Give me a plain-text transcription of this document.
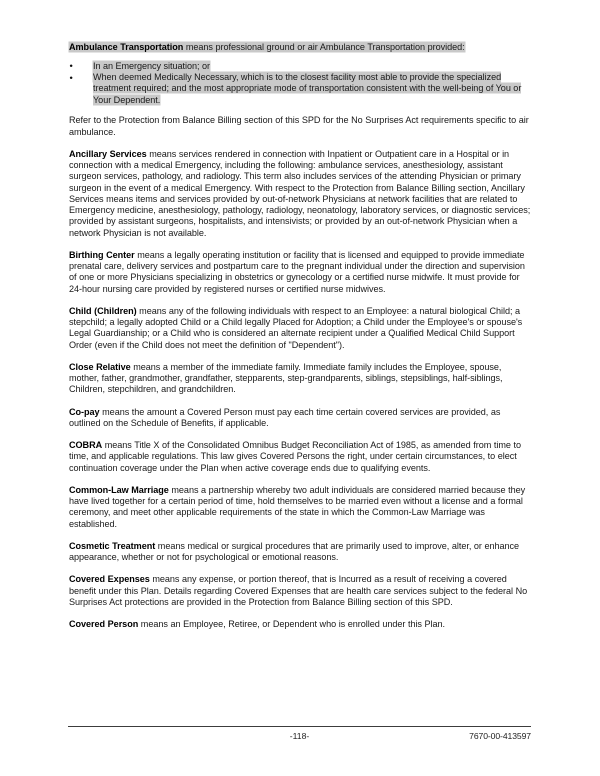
Ambulance Transportation means professional ground or air Ambulance Transportation provided:

• In an Emergency situation; or
• When deemed Medically Necessary, which is to the closest facility most able to provide the specialized treatment required; and the most appropriate mode of transportation consistent with the well-being of You or Your Dependent.

Refer to the Protection from Balance Billing section of this SPD for the No Surprises Act requirements specific to air ambulance.

Ancillary Services means services rendered in connection with Inpatient or Outpatient care in a Hospital or in connection with a medical Emergency, including the following: ambulance services, anesthesiology, assistant surgeon services, pathology, and radiology. This term also includes services of the attending Physician or primary surgeon in the event of a medical Emergency. With respect to the Protection from Balance Billing section, Ancillary Services means items and services provided by out-of-network Physicians at network facilities that are related to Emergency medicine, anesthesiology, pathology, radiology, neonatology, laboratory services, or diagnostic services; provided by assistant surgeons, hospitalists, and intensivists; or provided by an out-of-network Physician when a network Physician is not available.

Birthing Center means a legally operating institution or facility that is licensed and equipped to provide immediate prenatal care, delivery services and postpartum care to the pregnant individual under the direction and supervision of one or more Physicians specializing in obstetrics or gynecology or a certified nurse midwife. It must provide for 24-hour nursing care provided by registered nurses or certified nurse midwives.

Child (Children) means any of the following individuals with respect to an Employee: a natural biological Child; a stepchild; a legally adopted Child or a Child legally Placed for Adoption; a Child under the Employee's or spouse's Legal Guardianship; or a Child who is considered an alternate recipient under a Qualified Medical Child Support Order (even if the Child does not meet the definition of "Dependent").

Close Relative means a member of the immediate family. Immediate family includes the Employee, spouse, mother, father, grandmother, grandfather, stepparents, step-grandparents, siblings, stepsiblings, half-siblings, Children, stepchildren, and grandchildren.

Co-pay means the amount a Covered Person must pay each time certain covered services are provided, as outlined on the Schedule of Benefits, if applicable.

COBRA means Title X of the Consolidated Omnibus Budget Reconciliation Act of 1985, as amended from time to time, and applicable regulations. This law gives Covered Persons the right, under certain circumstances, to elect continuation coverage under the Plan when active coverage ends due to qualifying events.

Common-Law Marriage means a partnership whereby two adult individuals are considered married because they have lived together for a certain period of time, hold themselves to be married even without a license and a formal ceremony, and meet other applicable requirements of the state in which the Common-Law Marriage was established.

Cosmetic Treatment means medical or surgical procedures that are primarily used to improve, alter, or enhance appearance, whether or not for psychological or emotional reasons.

Covered Expenses means any expense, or portion thereof, that is Incurred as a result of receiving a covered benefit under this Plan. Details regarding Covered Expenses that are health care services subject to the federal No Surprises Act protections are provided in the Protection from Balance Billing section of this SPD.

Covered Person means an Employee, Retiree, or Dependent who is enrolled under this Plan.

-118-	7670-00-413597
